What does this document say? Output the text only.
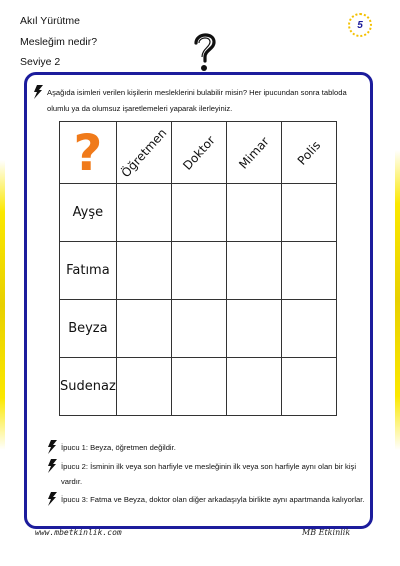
Akıl Yürütme
Mesleğim nedir?
Seviye 2
5
Aşağıda isimleri verilen kişilerin mesleklerini bulabilir misin? Her ipucundan sonra tabloda olumlu ya da olumsuz işaretlemeleri yaparak ilerleyiniz.
?	Öğretmen	Doktor	Mimar	Polis

Ayşe				
Fatıma				
Beyza				
Sudenaz				
İpucu 1: Beyza, öğretmen değildir.
İpucu 2: İsminin ilk veya son harfiyle ve mesleğinin ilk veya son harfiyle aynı olan bir kişi vardır.
İpucu 3: Fatma ve Beyza, doktor olan diğer arkadaşıyla birlikte aynı apartmanda kalıyorlar.
www.mbetkinlik.com	MB Etkinlik
